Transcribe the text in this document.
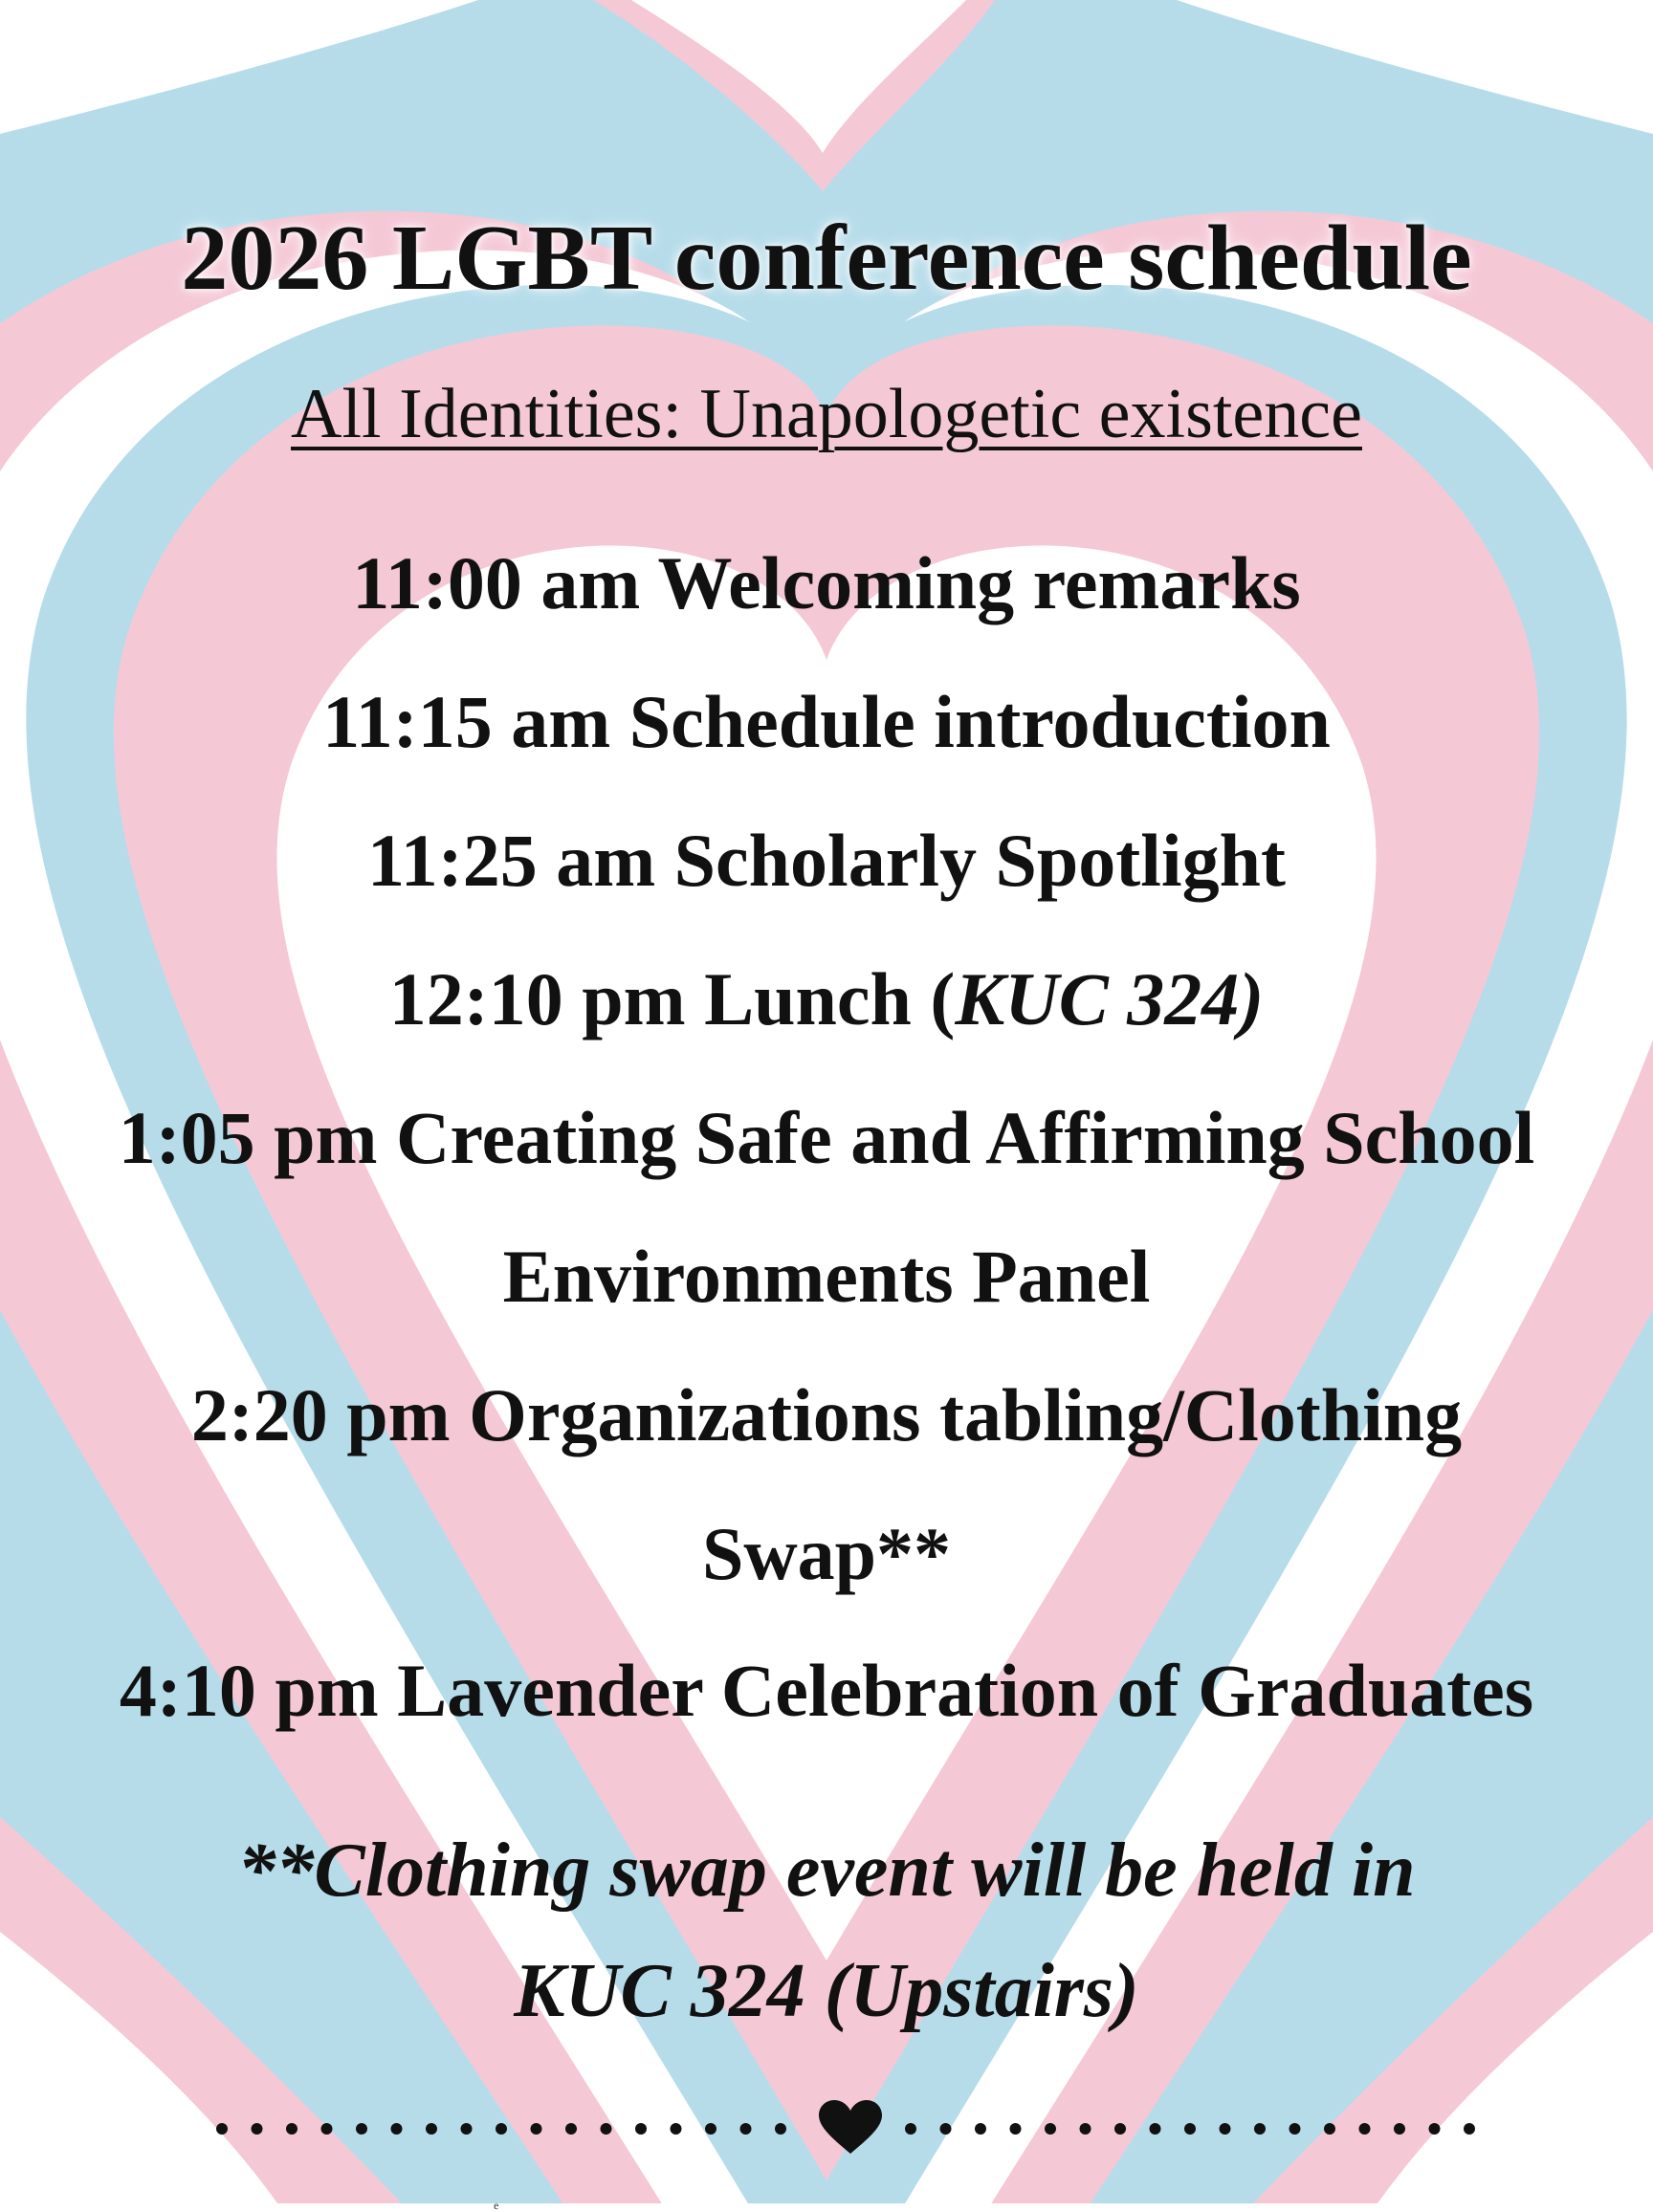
2026 LGBT conference schedule
All Identities: Unapologetic existence
11:00 am Welcoming remarks
11:15 am Schedule introduction
11:25 am Scholarly Spotlight
12:10 pm Lunch (KUC 324)
1:05 pm Creating Safe and Affirming School
Environments Panel
2:20 pm Organizations tabling/Clothing
Swap**
4:10 pm Lavender Celebration of Graduates
**Clothing swap event will be held in
KUC 324 (Upstairs)
e
